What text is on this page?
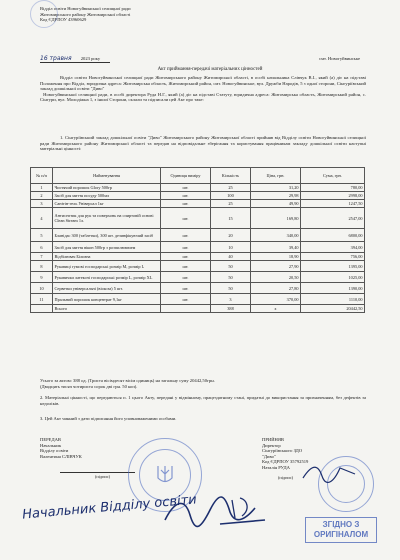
Відділ освіти Новогуйвинської селищної ради
Житомирського району Житомирської області
Код ЄДРПОУ 43960629
16 травня 2023 року	смт. Новогуйвинське
Акт приймання-передачі матеріальних цінностей
Відділ освіти Новогуйвинської селищної ради Житомирського району Житомирської області, в особі начальника Слівчук В.І., який (а) діє на підставі Положення про Відділ, юридична адреса: Житомирська область, Житомирський район, смт. Новогуйвинське, вул. Дружби Народів, 5 з одної сторони, Сінгуріївський заклад дошкільної освіти "Диво"
Новогуйвинської селищної ради, в особі директора Руда Н.Г., який (а) діє на підставі Статуту, юридична адреса: Житомирська область, Житомирський район, с. Сінгури, вул. Молодіжна 1, з іншої Сторони, склали та підписали цей Акт про таке:
1. Сінгуріївський заклад дошкільної освіти "Диво" Житомирського району Житомирської області прийняв від Відділу освіти Новогуйвинської селищної ради Житомирського району Житомирської області та передав на відповідальне зберігання та користування працівникам закладу дошкільної освіти наступні матеріальні цінності:
№ п/п	Найменування	Одиниця виміру	Кількість	Ціна, грн.	Сума, грн.
1	Чистячий порошок Glory 500гр	шт.	25	31,20	780,00
2	Засіб для миття посуду 500мл	шт.	100	29,98	2998,00
3	Санітін-гель Універсал 1кг	шт.	25	49,90	1247,50
4	Антисептик для рук та поверхонь на спиртовій основі Clean Stream 1л.	шт.	15	169,80	2547,00
5	Бланідас 300 (таблетки), 300 шт. дезинфікуючий засіб	шт.	20	340,00	6800,00
6	Засіб для миття вікон 500гр з розпилювачем	шт.	10	39,40	394,00
7	Відбілювач Білизна	шт.	40	18,90	756,00
8	Рукавиці гумові господарські розмір M, розмір L	шт.	50	27,90	1395,00
9	Рукавички латексні господарські розмір L, розмір XL	шт.	50	20,50	1025,00
10	Серветки універсальні (віскоза) 5 шт.	шт.	50	27,80	1390,00
11	Пральний порошок концентрат 9,1кг	шт.	3	370,00	1110,00
	Всього		388	х	20442,50
Усього за актом: 388 од. (Триста вісімдесят вісім одиниць) на загальну суму 20442,50грн.
(Двадцять тисяч чотириста сорок дві грн. 50 коп).
2. Матеріальні цінності, що передаються п. 1 цього Акту, передані у відмінному, працездатному стані, придатні до використання за призначенням, без дефектів за недоліків.
3. Цей Акт чинний з дати підписання його уповноваженими особами.
ПЕРЕДАВ
Начальник
Відділу освіти
Валентина СЛІВЧУК
(підпис)
Начальник Відділу освіти
ПРИЙНЯВ
Директор
Сінгуріївського ЗДО
"Диво"
Код ЄДРПОУ 35792519
Наталія РУДА
(підпис)
ЗГІДНО З
ОРИГІНАЛОМ
